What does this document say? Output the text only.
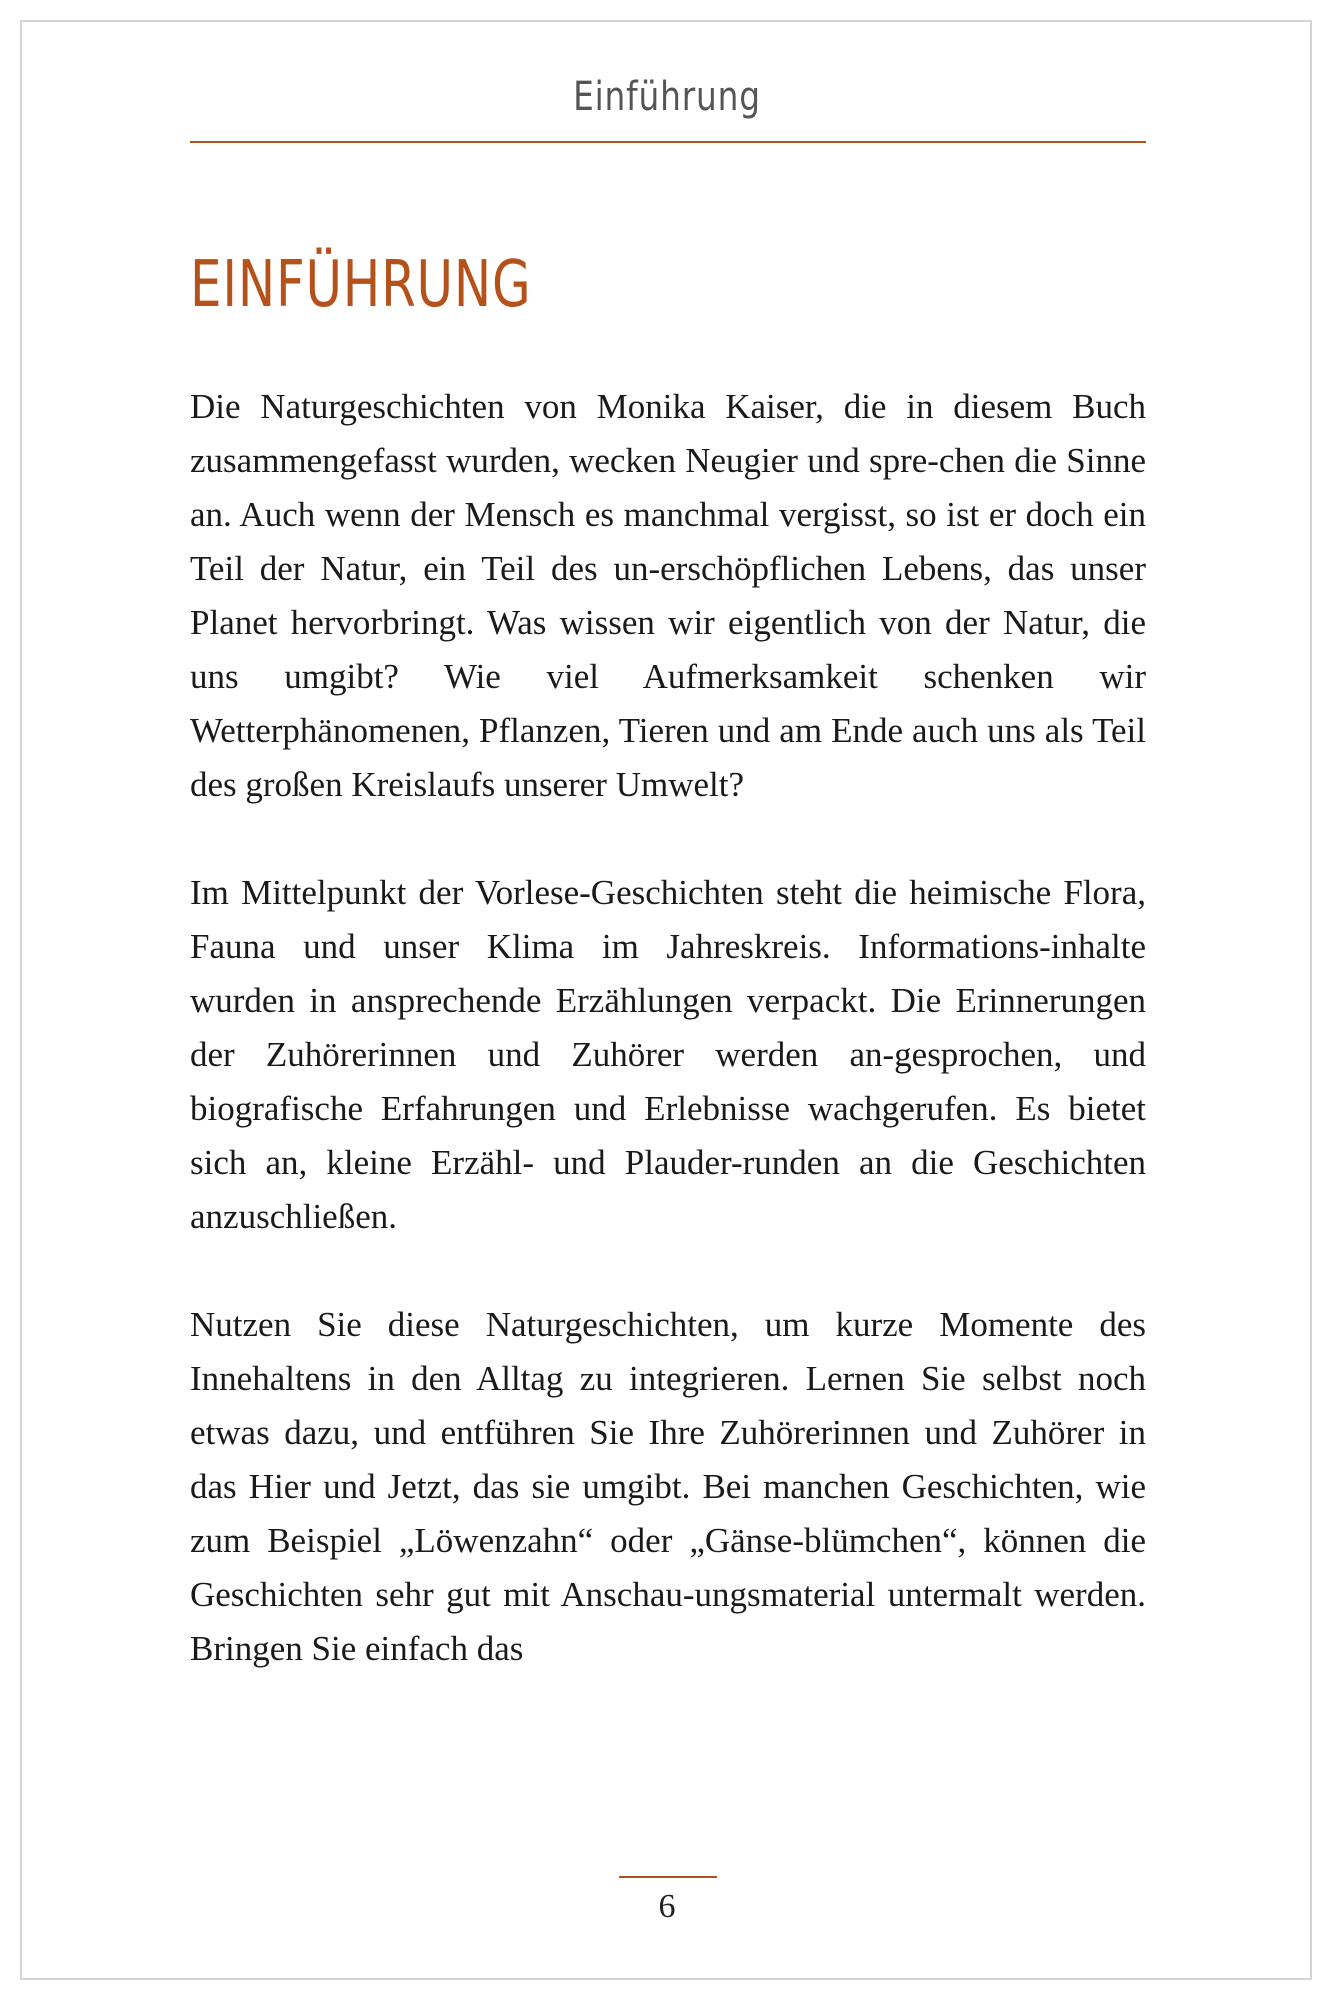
Einführung
EINFÜHRUNG

Die Naturgeschichten von Monika Kaiser, die in diesem Buch zusammengefasst wurden, wecken Neugier und spre-chen die Sinne an. Auch wenn der Mensch es manchmal vergisst, so ist er doch ein Teil der Natur, ein Teil des un-erschöpflichen Lebens, das unser Planet hervorbringt. Was wissen wir eigentlich von der Natur, die uns umgibt? Wie viel Aufmerksamkeit schenken wir Wetterphänomenen, Pflanzen, Tieren und am Ende auch uns als Teil des großen Kreislaufs unserer Umwelt?

Im Mittelpunkt der Vorlese-Geschichten steht die heimische Flora, Fauna und unser Klima im Jahreskreis. Informations-inhalte wurden in ansprechende Erzählungen verpackt. Die Erinnerungen der Zuhörerinnen und Zuhörer werden an-gesprochen, und biografische Erfahrungen und Erlebnisse wachgerufen. Es bietet sich an, kleine Erzähl- und Plauder-runden an die Geschichten anzuschließen.

Nutzen Sie diese Naturgeschichten, um kurze Momente des Innehaltens in den Alltag zu integrieren. Lernen Sie selbst noch etwas dazu, und entführen Sie Ihre Zuhörerinnen und Zuhörer in das Hier und Jetzt, das sie umgibt. Bei manchen Geschichten, wie zum Beispiel „Löwenzahn“ oder „Gänse-blümchen“, können die Geschichten sehr gut mit Anschau-ungsmaterial untermalt werden. Bringen Sie einfach das

6
